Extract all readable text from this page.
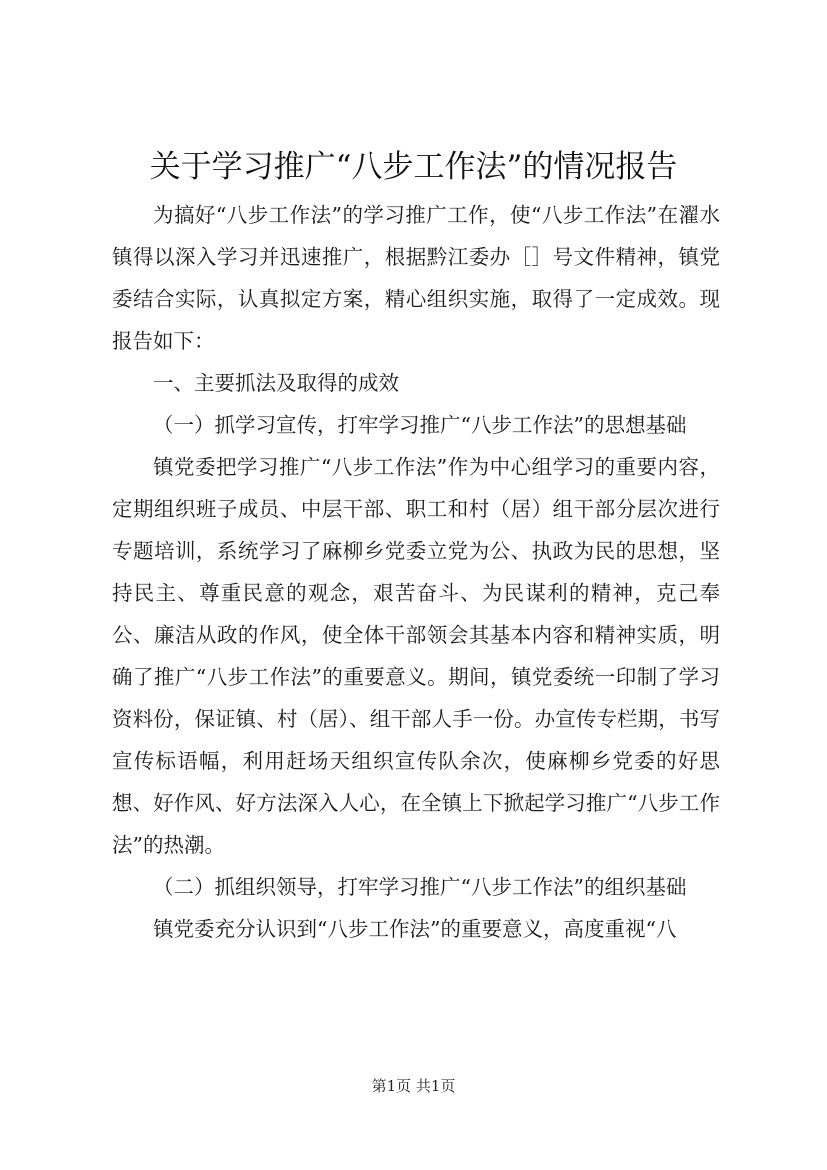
关于学习推广“八步工作法”的情况报告

为搞好“八步工作法”的学习推广工作，使“八步工作法”在濯水镇得以深入学习并迅速推广，根据黔江委办［］号文件精神，镇党委结合实际，认真拟定方案，精心组织实施，取得了一定成效。现报告如下：

一、主要抓法及取得的成效

（一）抓学习宣传，打牢学习推广“八步工作法”的思想基础

镇党委把学习推广“八步工作法”作为中心组学习的重要内容，定期组织班子成员、中层干部、职工和村（居）组干部分层次进行专题培训，系统学习了麻柳乡党委立党为公、执政为民的思想，坚持民主、尊重民意的观念，艰苦奋斗、为民谋利的精神，克己奉公、廉洁从政的作风，使全体干部领会其基本内容和精神实质，明确了推广“八步工作法”的重要意义。期间，镇党委统一印制了学习资料份，保证镇、村（居）、组干部人手一份。办宣传专栏期，书写宣传标语幅，利用赶场天组织宣传队余次，使麻柳乡党委的好思想、好作风、好方法深入人心，在全镇上下掀起学习推广“八步工作法”的热潮。

（二）抓组织领导，打牢学习推广“八步工作法”的组织基础

镇党委充分认识到“八步工作法”的重要意义，高度重视“八

第1页 共1页
